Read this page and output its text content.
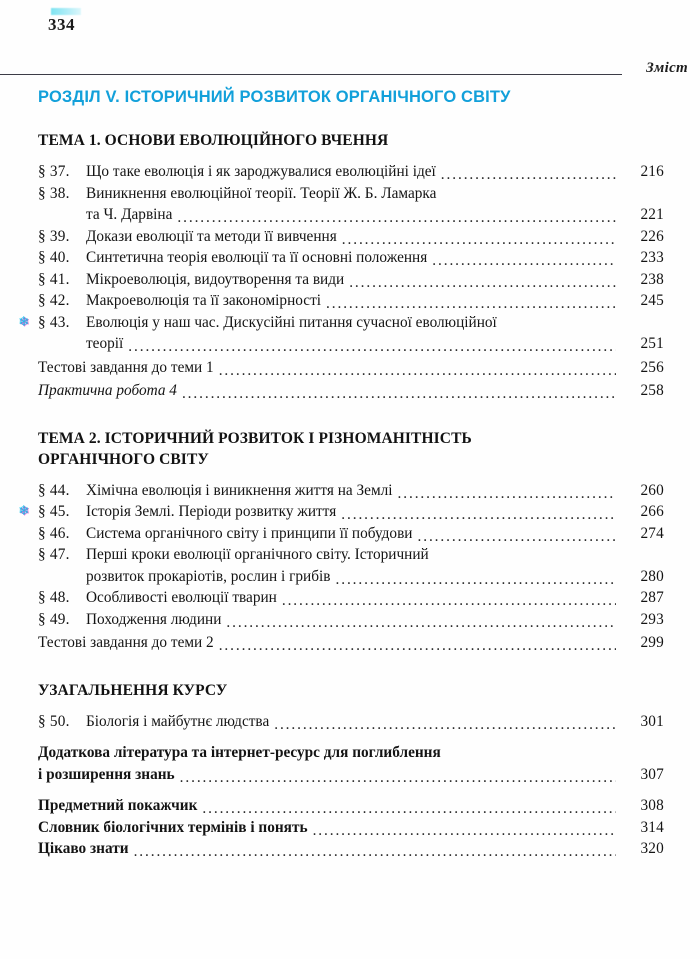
334
Зміст
РОЗДІЛ V. ІСТОРИЧНИЙ РОЗВИТОК ОРГАНІЧНОГО СВІТУ
ТЕМА 1. ОСНОВИ ЕВОЛЮЦІЙНОГО ВЧЕННЯ
§ 37.	Що таке еволюція і як зароджувалися еволюційні ідеї .....	216
§ 38.	Виникнення еволюційної теорії. Теорії Ж. Б. Ламарка
та Ч. Дарвіна .....	221
§ 39.	Докази еволюції та методи її вивчення .....	226
§ 40.	Синтетична теорія еволюції та її основні положення .....	233
§ 41.	Мікроеволюція, видоутворення та види .....	238
§ 42.	Макроеволюція та її закономірності .....	245
❄ § 43.	Еволюція у наш час. Дискусійні питання сучасної еволюційної
теорії .....	251
Тестові завдання до теми 1 .....	256
Практична робота 4 .....	258
ТЕМА 2. ІСТОРИЧНИЙ РОЗВИТОК І РІЗНОМАНІТНІСТЬ
ОРГАНІЧНОГО СВІТУ
§ 44.	Хімічна еволюція і виникнення життя на Землі .....	260
❄ § 45.	Історія Землі. Періоди розвитку життя .....	266
§ 46.	Система органічного світу і принципи її побудови .....	274
§ 47.	Перші кроки еволюції органічного світу. Історичний
розвиток прокаріотів, рослин і грибів .....	280
§ 48.	Особливості еволюції тварин .....	287
§ 49.	Походження людини .....	293
Тестові завдання до теми 2 .....	299
УЗАГАЛЬНЕННЯ КУРСУ
§ 50.	Біологія і майбутнє людства .....	301
Додаткова література та інтернет-ресурс для поглиблення
і розширення знань .....	307
Предметний покажчик .....	308
Словник біологічних термінів і понять .....	314
Цікаво знати .....	320
